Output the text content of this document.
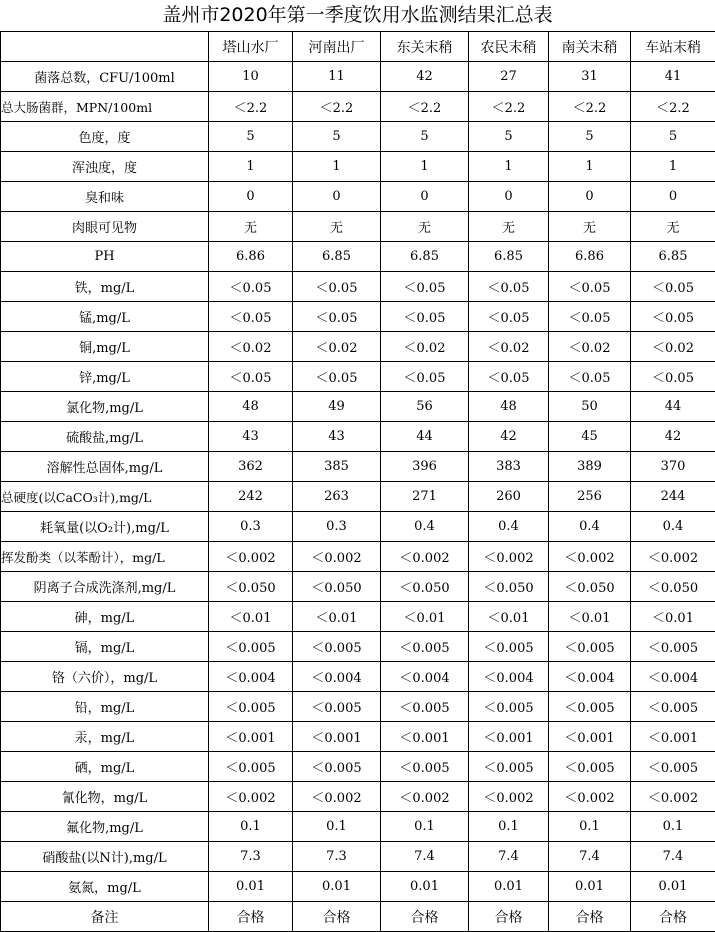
盖州市2020年第一季度饮用水监测结果汇总表
	塔山水厂	河南出厂	东关末稍	农民末稍	南关末稍	车站末稍
菌落总数，CFU/100ml	10	11	42	27	31	41
总大肠菌群，MPN/100ml	＜2.2	＜2.2	＜2.2	＜2.2	＜2.2	＜2.2
色度，度	5	5	5	5	5	5
浑浊度，度	1	1	1	1	1	1
臭和味	0	0	0	0	0	0
肉眼可见物	无	无	无	无	无	无
PH	6.86	6.85	6.85	6.85	6.86	6.85
铁，mg/L	＜0.05	＜0.05	＜0.05	＜0.05	＜0.05	＜0.05
锰,mg/L	＜0.05	＜0.05	＜0.05	＜0.05	＜0.05	＜0.05
铜,mg/L	＜0.02	＜0.02	＜0.02	＜0.02	＜0.02	＜0.02
锌,mg/L	＜0.05	＜0.05	＜0.05	＜0.05	＜0.05	＜0.05
氯化物,mg/L	48	49	56	48	50	44
硫酸盐,mg/L	43	43	44	42	45	42
溶解性总固体,mg/L	362	385	396	383	389	370
总硬度(以CaCO₃计),mg/L	242	263	271	260	256	244
耗氧量(以O₂计),mg/L	0.3	0.3	0.4	0.4	0.4	0.4
挥发酚类（以苯酚计），mg/L	＜0.002	＜0.002	＜0.002	＜0.002	＜0.002	＜0.002
阴离子合成洗涤剂,mg/L	＜0.050	＜0.050	＜0.050	＜0.050	＜0.050	＜0.050
砷，mg/L	＜0.01	＜0.01	＜0.01	＜0.01	＜0.01	＜0.01
镉，mg/L	＜0.005	＜0.005	＜0.005	＜0.005	＜0.005	＜0.005
铬（六价），mg/L	＜0.004	＜0.004	＜0.004	＜0.004	＜0.004	＜0.004
铅，mg/L	＜0.005	＜0.005	＜0.005	＜0.005	＜0.005	＜0.005
汞，mg/L	＜0.001	＜0.001	＜0.001	＜0.001	＜0.001	＜0.001
硒，mg/L	＜0.005	＜0.005	＜0.005	＜0.005	＜0.005	＜0.005
氰化物，mg/L	＜0.002	＜0.002	＜0.002	＜0.002	＜0.002	＜0.002
氟化物,mg/L	0.1	0.1	0.1	0.1	0.1	0.1
硝酸盐(以N计),mg/L	7.3	7.3	7.4	7.4	7.4	7.4
氨氮，mg/L	0.01	0.01	0.01	0.01	0.01	0.01
备注	合格	合格	合格	合格	合格	合格
